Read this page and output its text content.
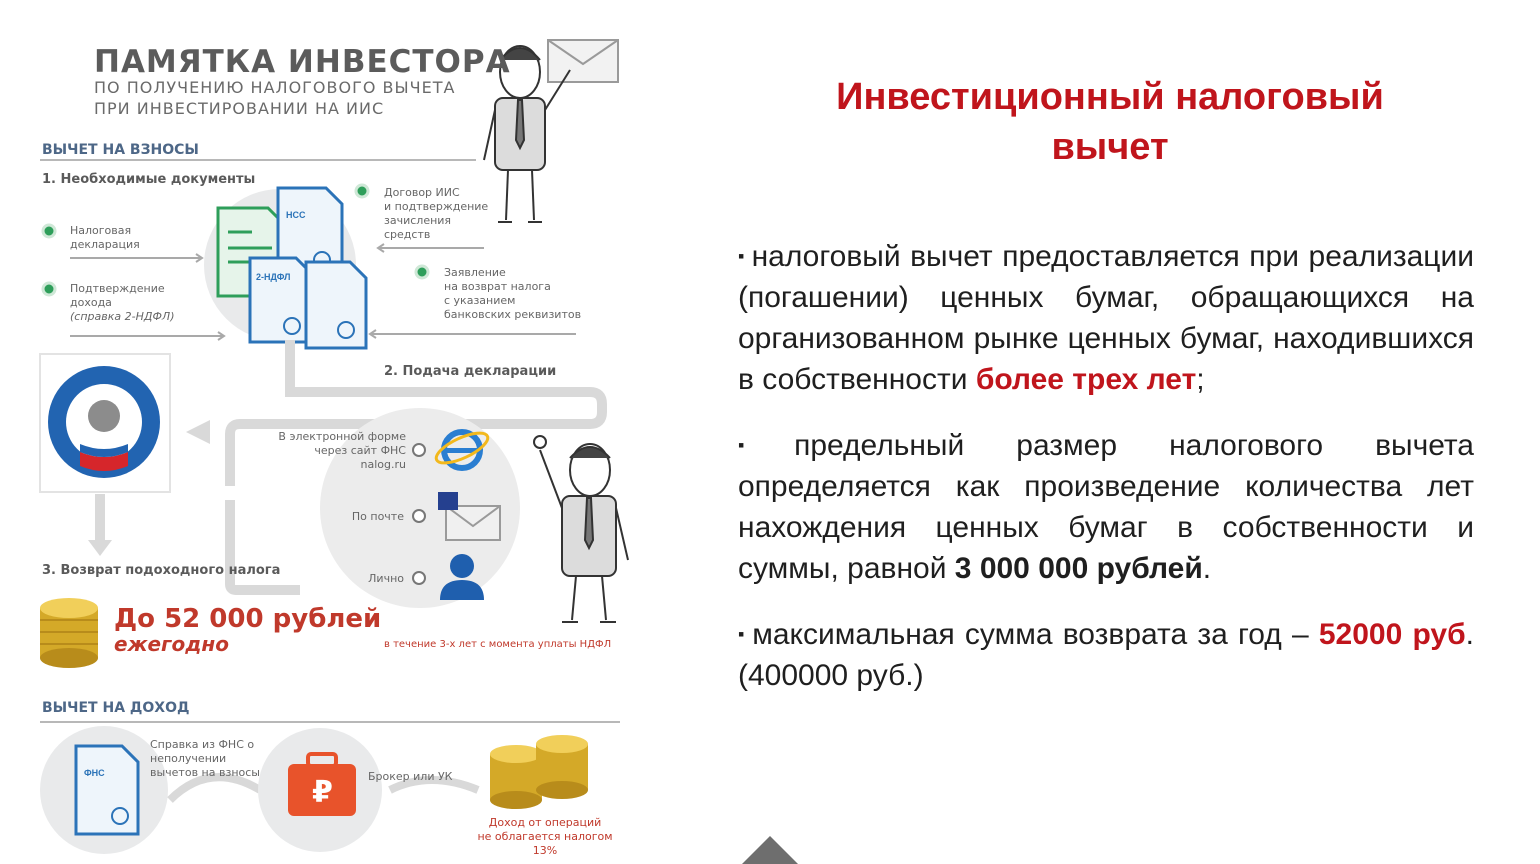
₽

ПАМЯТКА ИНВЕСТОРА

ПО ПОЛУЧЕНИЮ НАЛОГОВОГО ВЫЧЕТА

ПРИ ИНВЕСТИРОВАНИИ НА ИИС

ВЫЧЕТ НА ВЗНОСЫ

1. Необходимые документы

Налоговая
декларация
Подтверждение
дохода
(справка 2-НДФЛ)
Договор ИИС
и подтверждение
зачисления
средств
Заявление
на возврат налога
с указанием
банковских реквизитов

НСС

2-НДФЛ

2. Подача декларации

В электронной форме
через сайт ФНС
nalog.ru

По почте

Лично

3. Возврат подоходного налога

До 52 000 рублей

ежегодно	в течение 3-х лет с момента уплаты НДФЛ

ВЫЧЕТ НА ДОХОД

Справка из ФНС о
неполучении
вычетов на взносы

ФНС	Брокер или УК

Доход от операций
не облагается налогом
13%
Инвестиционный налоговый
вычет
▪ налоговый вычет предоставляется при реализации (погашении) ценных бумаг, обращающихся на организованном рынке ценных бумаг, находившихся в собственности более трех лет;
▪ предельный размер налогового вычета определяется как произведение количества лет нахождения ценных бумаг в собственности и суммы, равной 3 000 000 рублей.
▪ максимальная сумма возврата за год – 52000 руб. (400000 руб.)
